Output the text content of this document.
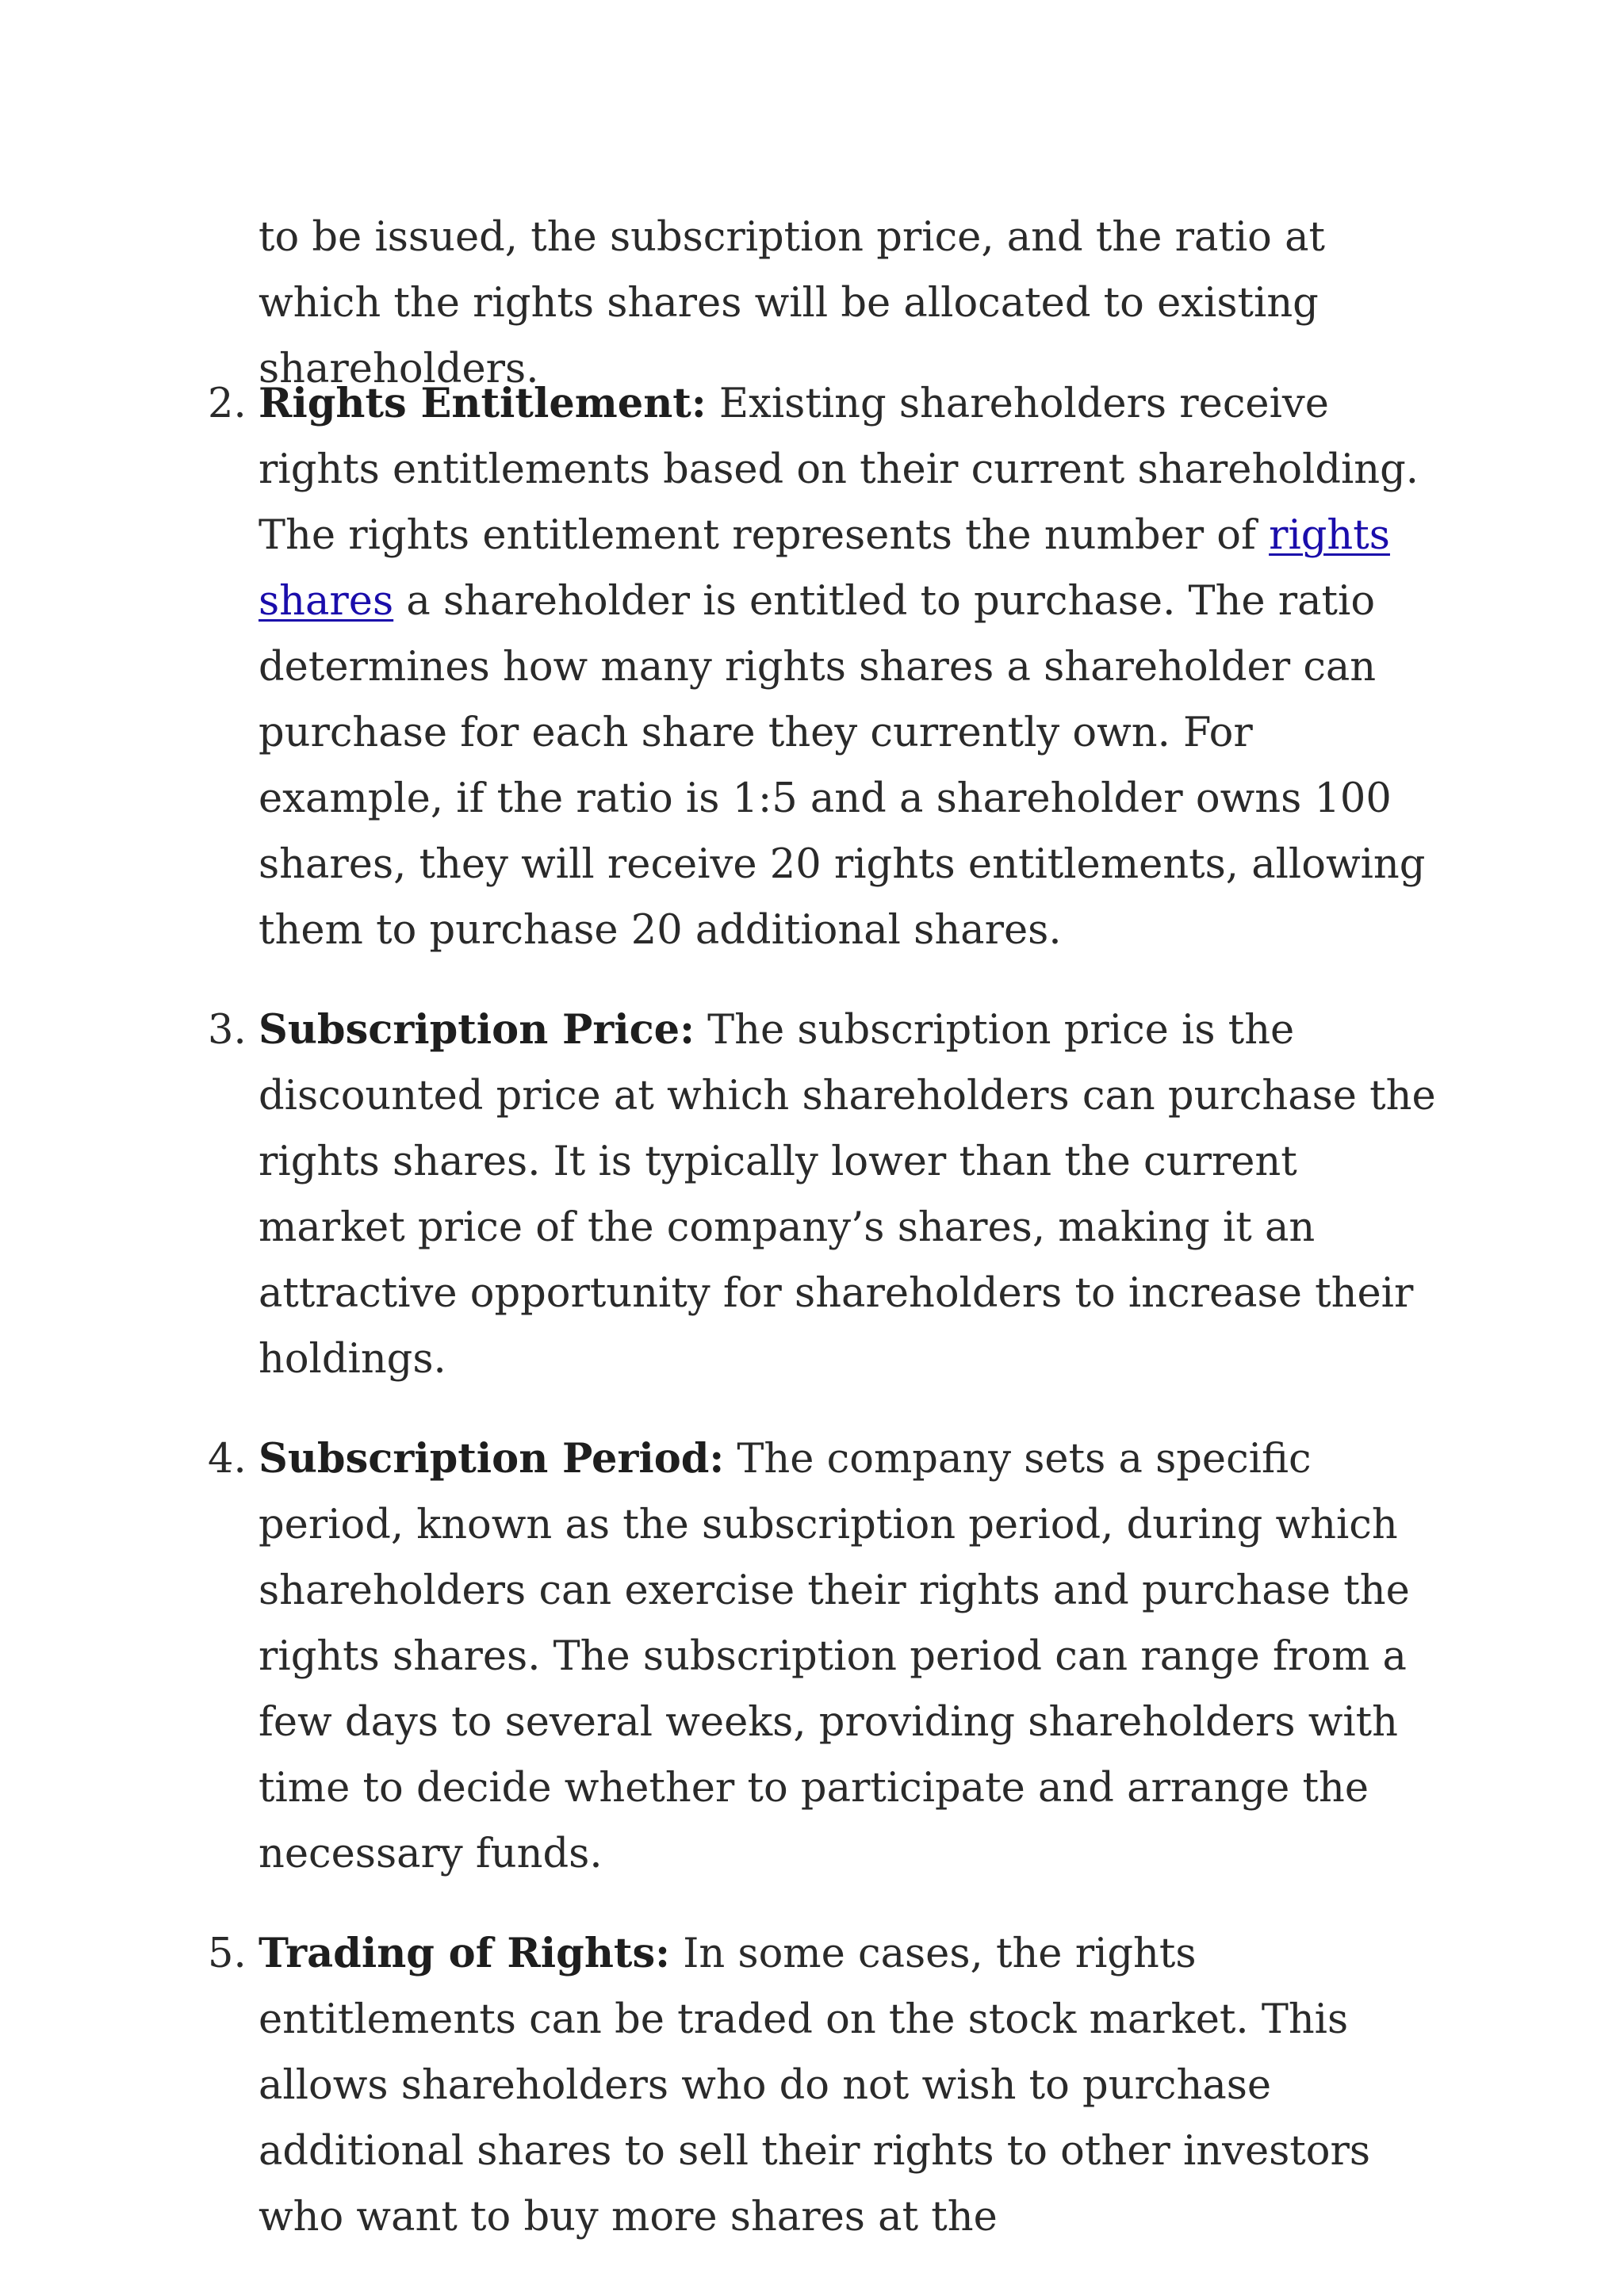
to be issued, the subscription price, and the ratio at which the rights shares will be allocated to existing shareholders.

2. Rights Entitlement: Existing shareholders receive rights entitlements based on their current shareholding. The rights entitlement represents the number of rights shares a shareholder is entitled to purchase. The ratio determines how many rights shares a shareholder can purchase for each share they currently own. For example, if the ratio is 1:5 and a shareholder owns 100 shares, they will receive 20 rights entitlements, allowing them to purchase 20 additional shares.
3. Subscription Price: The subscription price is the discounted price at which shareholders can purchase the rights shares. It is typically lower than the current market price of the company’s shares, making it an attractive opportunity for shareholders to increase their holdings.
4. Subscription Period: The company sets a specific period, known as the subscription period, during which shareholders can exercise their rights and purchase the rights shares. The subscription period can range from a few days to several weeks, providing shareholders with time to decide whether to participate and arrange the necessary funds.
5. Trading of Rights: In some cases, the rights entitlements can be traded on the stock market. This allows shareholders who do not wish to purchase additional shares to sell their rights to other investors who want to buy more shares at the
